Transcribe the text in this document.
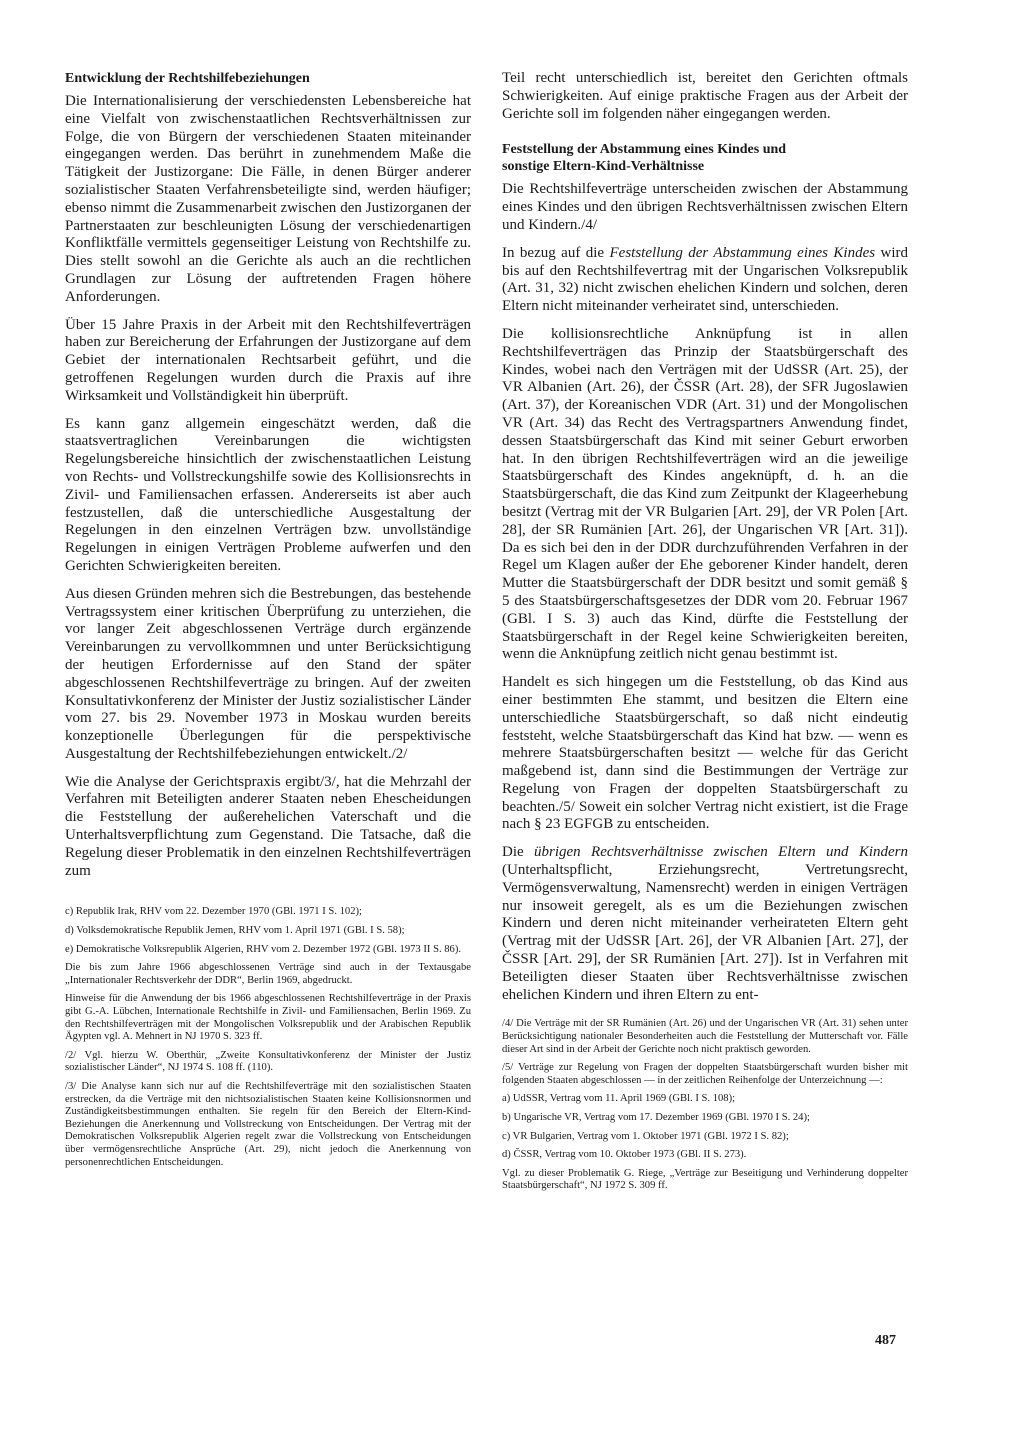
Entwicklung der Rechtshilfebeziehungen

Die Internationalisierung der verschiedensten Lebensbereiche hat eine Vielfalt von zwischenstaatlichen Rechtsverhältnissen zur Folge, die von Bürgern der verschiedenen Staaten miteinander eingegangen werden. Das berührt in zunehmendem Maße die Tätigkeit der Justizorgane: Die Fälle, in denen Bürger anderer sozialistischer Staaten Verfahrensbeteiligte sind, werden häufiger; ebenso nimmt die Zusammenarbeit zwischen den Justizorganen der Partnerstaaten zur beschleunigten Lösung der verschiedenartigen Konfliktfälle vermittels gegenseitiger Leistung von Rechtshilfe zu. Dies stellt sowohl an die Gerichte als auch an die rechtlichen Grundlagen zur Lösung der auftretenden Fragen höhere Anforderungen.

Über 15 Jahre Praxis in der Arbeit mit den Rechtshilfeverträgen haben zur Bereicherung der Erfahrungen der Justizorgane auf dem Gebiet der internationalen Rechtsarbeit geführt, und die getroffenen Regelungen wurden durch die Praxis auf ihre Wirksamkeit und Vollständigkeit hin überprüft.

Es kann ganz allgemein eingeschätzt werden, daß die staatsvertraglichen Vereinbarungen die wichtigsten Regelungsbereiche hinsichtlich der zwischenstaatlichen Leistung von Rechts- und Vollstreckungshilfe sowie des Kollisionsrechts in Zivil- und Familiensachen erfassen. Andererseits ist aber auch festzustellen, daß die unterschiedliche Ausgestaltung der Regelungen in den einzelnen Verträgen bzw. unvollständige Regelungen in einigen Verträgen Probleme aufwerfen und den Gerichten Schwierigkeiten bereiten.

Aus diesen Gründen mehren sich die Bestrebungen, das bestehende Vertragssystem einer kritischen Überprüfung zu unterziehen, die vor langer Zeit abgeschlossenen Verträge durch ergänzende Vereinbarungen zu vervollkommnen und unter Berücksichtigung der heutigen Erfordernisse auf den Stand der später abgeschlossenen Rechtshilfeverträge zu bringen. Auf der zweiten Konsultativkonferenz der Minister der Justiz sozialistischer Länder vom 27. bis 29. November 1973 in Moskau wurden bereits konzeptionelle Überlegungen für die perspektivische Ausgestaltung der Rechtshilfebeziehungen entwickelt./2/

Wie die Analyse der Gerichtspraxis ergibt/3/, hat die Mehrzahl der Verfahren mit Beteiligten anderer Staaten neben Ehescheidungen die Feststellung der außerehelichen Vaterschaft und die Unterhaltsverpflichtung zum Gegenstand. Die Tatsache, daß die Regelung dieser Problematik in den einzelnen Rechtshilfeverträgen zum

c) Republik Irak, RHV vom 22. Dezember 1970 (GBl. 1971 I S. 102);

d) Volksdemokratische Republik Jemen, RHV vom 1. April 1971 (GBl. I S. 58);

e) Demokratische Volksrepublik Algerien, RHV vom 2. Dezember 1972 (GBl. 1973 II S. 86).

Die bis zum Jahre 1966 abgeschlossenen Verträge sind auch in der Textausgabe „Internationaler Rechtsverkehr der DDR“, Berlin 1969, abgedruckt.

Hinweise für die Anwendung der bis 1966 abgeschlossenen Rechtshilfeverträge in der Praxis gibt G.-A. Lübchen, Internationale Rechtshilfe in Zivil- und Familiensachen, Berlin 1969. Zu den Rechtshilfeverträgen mit der Mongolischen Volksrepublik und der Arabischen Republik Ägypten vgl. A. Mehnert in NJ 1970 S. 323 ff.

/2/ Vgl. hierzu W. Oberthür, „Zweite Konsultativkonferenz der Minister der Justiz sozialistischer Länder“, NJ 1974 S. 108 ff. (110).

/3/ Die Analyse kann sich nur auf die Rechtshilfeverträge mit den sozialistischen Staaten erstrecken, da die Verträge mit den nichtsozialistischen Staaten keine Kollisionsnormen und Zuständigkeitsbestimmungen enthalten. Sie regeln für den Bereich der Eltern-Kind-Beziehungen die Anerkennung und Vollstreckung von Entscheidungen. Der Vertrag mit der Demokratischen Volksrepublik Algerien regelt zwar die Vollstreckung von Entscheidungen über vermögensrechtliche Ansprüche (Art. 29), nicht jedoch die Anerkennung von personenrechtlichen Entscheidungen.

Teil recht unterschiedlich ist, bereitet den Gerichten oftmals Schwierigkeiten. Auf einige praktische Fragen aus der Arbeit der Gerichte soll im folgenden näher eingegangen werden.

Feststellung der Abstammung eines Kindes und
sonstige Eltern-Kind-Verhältnisse

Die Rechtshilfeverträge unterscheiden zwischen der Abstammung eines Kindes und den übrigen Rechtsverhältnissen zwischen Eltern und Kindern./4/

In bezug auf die Feststellung der Abstammung eines Kindes wird bis auf den Rechtshilfevertrag mit der Ungarischen Volksrepublik (Art. 31, 32) nicht zwischen ehelichen Kindern und solchen, deren Eltern nicht miteinander verheiratet sind, unterschieden.

Die kollisionsrechtliche Anknüpfung ist in allen Rechtshilfeverträgen das Prinzip der Staatsbürgerschaft des Kindes, wobei nach den Verträgen mit der UdSSR (Art. 25), der VR Albanien (Art. 26), der ČSSR (Art. 28), der SFR Jugoslawien (Art. 37), der Koreanischen VDR (Art. 31) und der Mongolischen VR (Art. 34) das Recht des Vertragspartners Anwendung findet, dessen Staatsbürgerschaft das Kind mit seiner Geburt erworben hat. In den übrigen Rechtshilfeverträgen wird an die jeweilige Staatsbürgerschaft des Kindes angeknüpft, d. h. an die Staatsbürgerschaft, die das Kind zum Zeitpunkt der Klageerhebung besitzt (Vertrag mit der VR Bulgarien [Art. 29], der VR Polen [Art. 28], der SR Rumänien [Art. 26], der Ungarischen VR [Art. 31]). Da es sich bei den in der DDR durchzuführenden Verfahren in der Regel um Klagen außer der Ehe geborener Kinder handelt, deren Mutter die Staatsbürgerschaft der DDR besitzt und somit gemäß § 5 des Staatsbürgerschaftsgesetzes der DDR vom 20. Februar 1967 (GBl. I S. 3) auch das Kind, dürfte die Feststellung der Staatsbürgerschaft in der Regel keine Schwierigkeiten bereiten, wenn die Anknüpfung zeitlich nicht genau bestimmt ist.

Handelt es sich hingegen um die Feststellung, ob das Kind aus einer bestimmten Ehe stammt, und besitzen die Eltern eine unterschiedliche Staatsbürgerschaft, so daß nicht eindeutig feststeht, welche Staatsbürgerschaft das Kind hat bzw. — wenn es mehrere Staatsbürgerschaften besitzt — welche für das Gericht maßgebend ist, dann sind die Bestimmungen der Verträge zur Regelung von Fragen der doppelten Staatsbürgerschaft zu beachten./5/ Soweit ein solcher Vertrag nicht existiert, ist die Frage nach § 23 EGFGB zu entscheiden.

Die übrigen Rechtsverhältnisse zwischen Eltern und Kindern (Unterhaltspflicht, Erziehungsrecht, Vertretungsrecht, Vermögensverwaltung, Namensrecht) werden in einigen Verträgen nur insoweit geregelt, als es um die Beziehungen zwischen Kindern und deren nicht miteinander verheirateten Eltern geht (Vertrag mit der UdSSR [Art. 26], der VR Albanien [Art. 27], der ČSSR [Art. 29], der SR Rumänien [Art. 27]). Ist in Verfahren mit Beteiligten dieser Staaten über Rechtsverhältnisse zwischen ehelichen Kindern und ihren Eltern zu ent-

/4/ Die Verträge mit der SR Rumänien (Art. 26) und der Ungarischen VR (Art. 31) sehen unter Berücksichtigung nationaler Besonderheiten auch die Feststellung der Mutterschaft vor. Fälle dieser Art sind in der Arbeit der Gerichte noch nicht praktisch geworden.

/5/ Verträge zur Regelung von Fragen der doppelten Staatsbürgerschaft wurden bisher mit folgenden Staaten abgeschlossen — in der zeitlichen Reihenfolge der Unterzeichnung —:

a) UdSSR, Vertrag vom 11. April 1969 (GBl. I S. 108);

b) Ungarische VR, Vertrag vom 17. Dezember 1969 (GBl. 1970 I S. 24);

c) VR Bulgarien, Vertrag vom 1. Oktober 1971 (GBl. 1972 I S. 82);

d) ČSSR, Vertrag vom 10. Oktober 1973 (GBl. II S. 273).

Vgl. zu dieser Problematik G. Riege, „Verträge zur Beseitigung und Verhinderung doppelter Staatsbürgerschaft“, NJ 1972 S. 309 ff.

487
